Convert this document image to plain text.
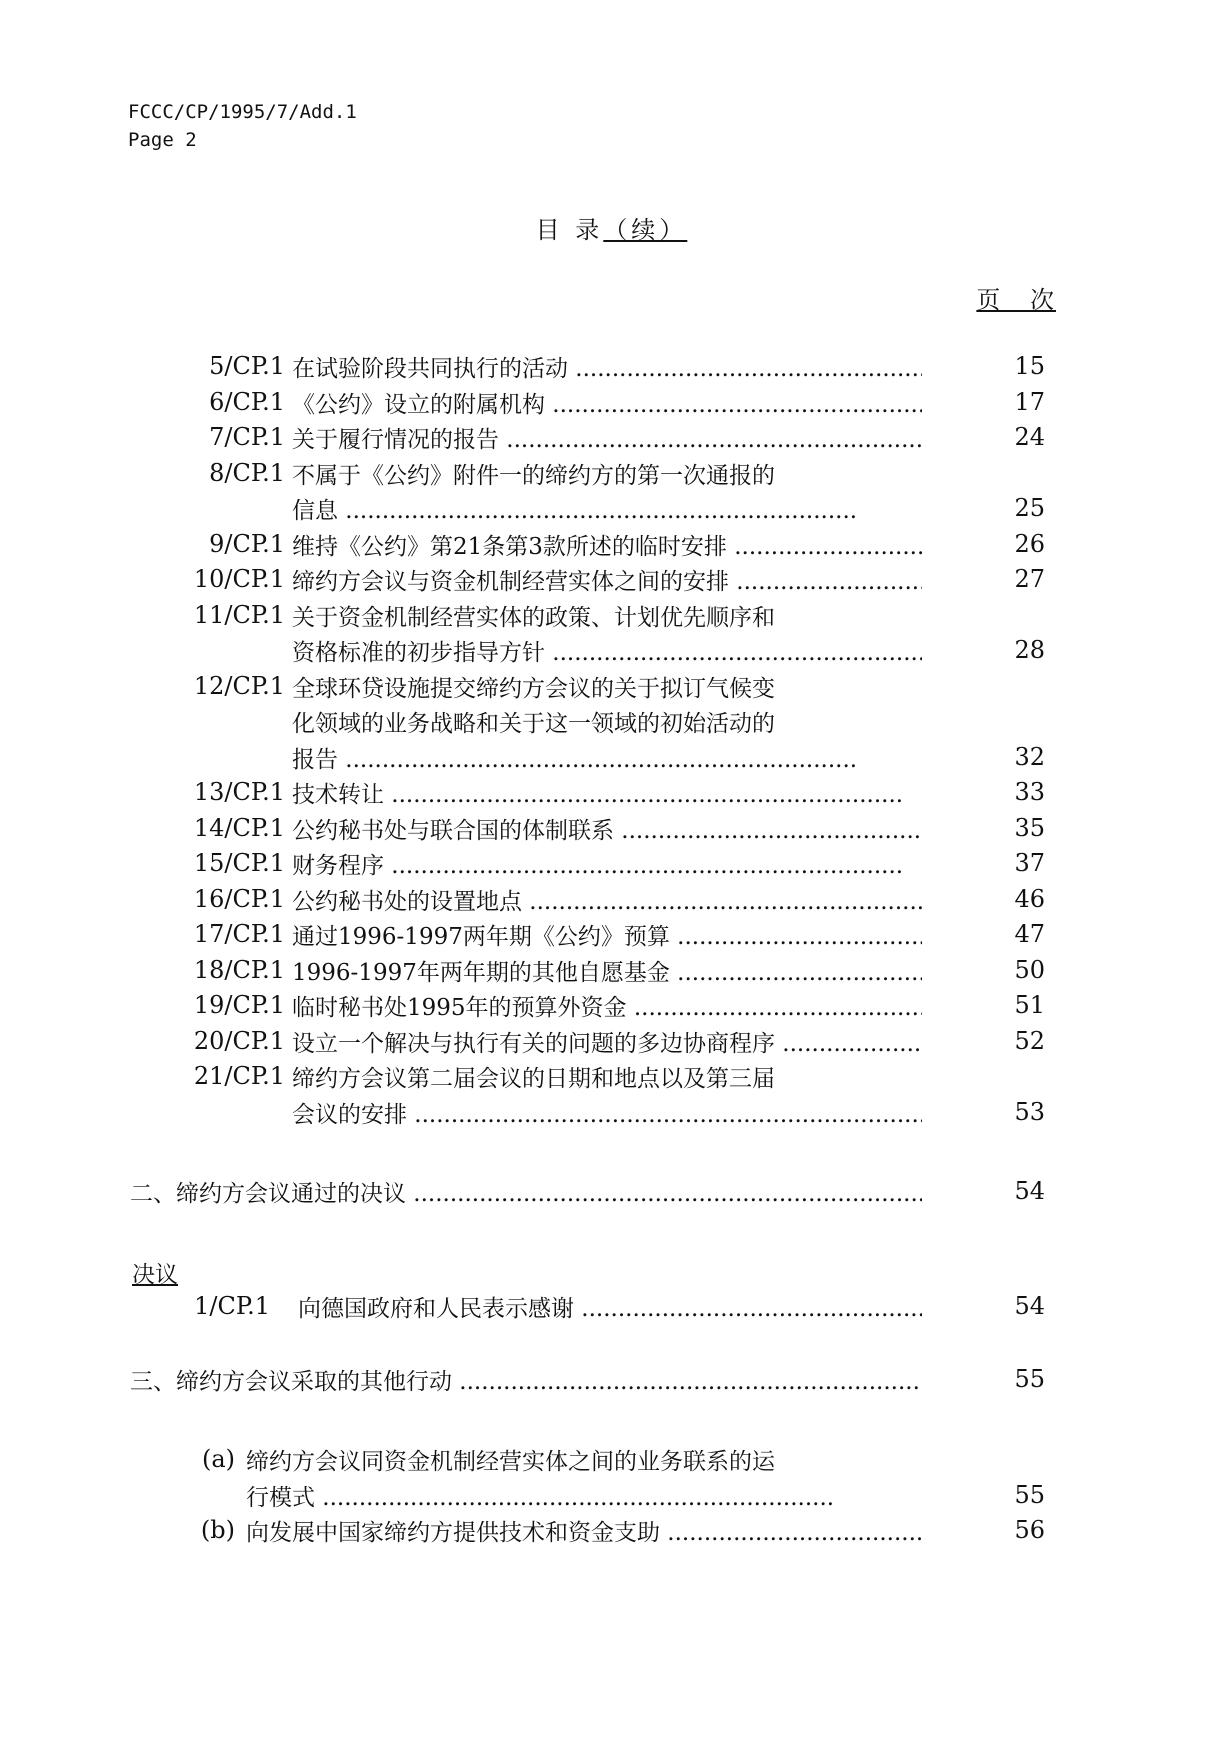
FCCC/CP/1995/7/Add.1
Page 2
目 录（续）
页 次
5/CP.1 在试验阶段共同执行的活动 .....	15
6/CP.1 《公约》设立的附属机构 .....	17
7/CP.1 关于履行情况的报告 .....	24
8/CP.1 不属于《公约》附件一的缔约方的第一次通报的
信息 .....	25
9/CP.1 维持《公约》第21条第3款所述的临时安排 .....	26
10/CP.1 缔约方会议与资金机制经营实体之间的安排 .....	27
11/CP.1 关于资金机制经营实体的政策、计划优先顺序和
资格标准的初步指导方针 .....	28
12/CP.1 全球环贷设施提交缔约方会议的关于拟订气候变
化领域的业务战略和关于这一领域的初始活动的
报告 .....	32
13/CP.1 技术转让 .....	33
14/CP.1 公约秘书处与联合国的体制联系 .....	35
15/CP.1 财务程序 .....	37
16/CP.1 公约秘书处的设置地点 .....	46
17/CP.1 通过1996-1997两年期《公约》预算 .....	47
18/CP.1 1996-1997年两年期的其他自愿基金 .....	50
19/CP.1 临时秘书处1995年的预算外资金 .....	51
20/CP.1 设立一个解决与执行有关的问题的多边协商程序 .....	52
21/CP.1 缔约方会议第二届会议的日期和地点以及第三届
会议的安排 .....	53
二、缔约方会议通过的决议 .....	54
决议
1/CP.1 向德国政府和人民表示感谢 .....	54
三、缔约方会议采取的其他行动 .....	55
(a) 缔约方会议同资金机制经营实体之间的业务联系的运
行模式 .....	55
(b) 向发展中国家缔约方提供技术和资金支助 .....	56
